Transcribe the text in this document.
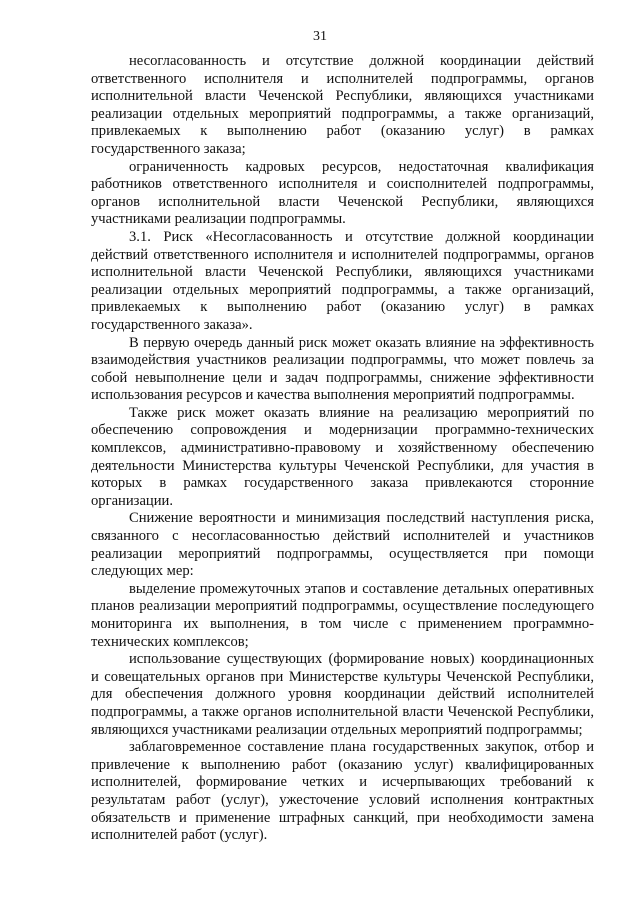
31

несогласованность и отсутствие должной координации действий ответственного исполнителя и исполнителей подпрограммы, органов исполнительной власти Чеченской Республики, являющихся участниками реализации отдельных мероприятий подпрограммы, а также организаций, привлекаемых к выполнению работ (оказанию услуг) в рамках государственного заказа;

ограниченность кадровых ресурсов, недостаточная квалификация работников ответственного исполнителя и соисполнителей подпрограммы, органов исполнительной власти Чеченской Республики, являющихся участниками реализации подпрограммы.

3.1. Риск «Несогласованность и отсутствие должной координации действий ответственного исполнителя и исполнителей подпрограммы, органов исполнительной власти Чеченской Республики, являющихся участниками реализации отдельных мероприятий подпрограммы, а также организаций, привлекаемых к выполнению работ (оказанию услуг) в рамках государственного заказа».

В первую очередь данный риск может оказать влияние на эффективность взаимодействия участников реализации подпрограммы, что может повлечь за собой невыполнение цели и задач подпрограммы, снижение эффективности использования ресурсов и качества выполнения мероприятий подпрограммы.

Также риск может оказать влияние на реализацию мероприятий по обеспечению сопровождения и модернизации программно-технических комплексов, административно-правовому и хозяйственному обеспечению деятельности Министерства культуры Чеченской Республики, для участия в которых в рамках государственного заказа привлекаются сторонние организации.

Снижение вероятности и минимизация последствий наступления риска, связанного с несогласованностью действий исполнителей и участников реализации мероприятий подпрограммы, осуществляется при помощи следующих мер:

выделение промежуточных этапов и составление детальных оперативных планов реализации мероприятий подпрограммы, осуществление последующего мониторинга их выполнения, в том числе с применением программно-технических комплексов;

использование существующих (формирование новых) координационных и совещательных органов при Министерстве культуры Чеченской Республики, для обеспечения должного уровня координации действий исполнителей подпрограммы, а также органов исполнительной власти Чеченской Республики, являющихся участниками реализации отдельных мероприятий подпрограммы;

заблаговременное составление плана государственных закупок, отбор и привлечение к выполнению работ (оказанию услуг) квалифицированных исполнителей, формирование четких и исчерпывающих требований к результатам работ (услуг), ужесточение условий исполнения контрактных обязательств и применение штрафных санкций, при необходимости замена исполнителей работ (услуг).
